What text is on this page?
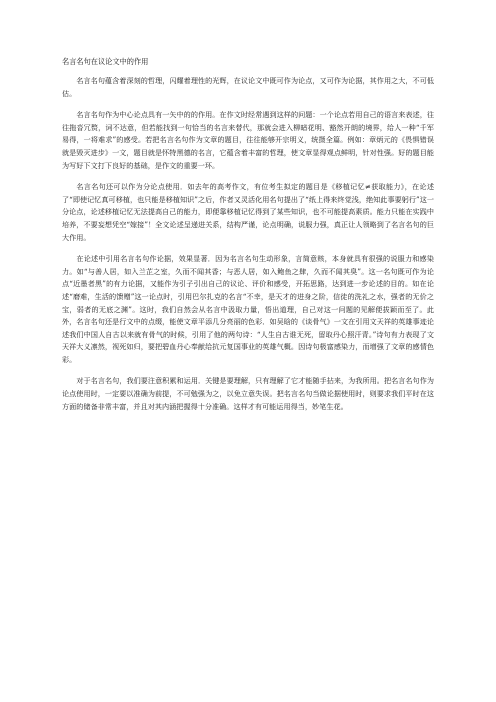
名言名句在议论文中的作用

名言名句蕴含着深刻的哲理，闪耀着理性的光辉，在议论文中既可作为论点，又可作为论据，其作用之大，不可低估。

名言名句作为中心论点具有一矢中的的作用。在作文时经常遇到这样的问题：一个论点若用自己的语言来表述，往往拖沓冗赘，词不达意，但若能找到一句恰当的名言来替代，那就会进入柳暗花明、豁然开朗的境界，给人一种“千军易得，一将难求”的感受。若把名言名句作为文章的题目，往往能够开宗明义，统摄全篇。例如：章炳元的《畏惧错误就是毁灭进步》一文，题目就是怀特黑德的名言，它蕴含着丰富的哲理，使文章显得观点鲜明，针对性强。好的题目能为写好下文打下良好的基础，是作文的重要一环。

名言名句还可以作为分论点使用．如去年的高考作文，有位考生拟定的题目是《移植记忆≠获取能力》，在论述了“即使记忆真可移植，也只能是移植知识”之后，作者又灵活化用名句提出了“纸上得来终觉浅，绝知此事要躬行”这一分论点，论述移植记忆无法提高自己的能力，即便靠移植记忆得到了某些知识，也不可能提高素质。能力只能在实践中培养，不要妄想凭空“嫁接”！全文论述呈递进关系，结构严谨，论点明确，说服力强，真正让人领略到了名言名句的巨大作用。

在论述中引用名言名句作论据，效果显著．因为名言名句生动形象，言简意赅，本身就具有很强的说服力和感染力。如“与善人居，如入兰芷之室，久而不闻其香；与恶人居，如入鲍鱼之肆，久而不闻其臭”。这一名句既可作为论点“近墨者黑”的有力论据，又能作为引子引出自己的议论、评价和感受，开拓思路，达到进一步论述的目的。如在论述“磨难，生活的馈赠”这一论点时，引用巴尔扎克的名言“不幸，是天才的进身之阶，信徒的洗礼之水，强者的无价之宝，弱者的无底之渊”。这时，我们自然会从名言中汲取力量，悟出道理，自己对这一问题的见解便拔颖而至了。此外，名言名句还是行文中的点缀，能使文章平添几分亮丽的色彩．如吴晗的《谈骨气》一文在引用文天祥的英雄事迹论述我们中国人自古以来就有骨气的时候，引用了他的两句诗：“人生自古谁无死，留取丹心照汗青。”诗句有力表现了文天祥大义凛然，视死如归，要把碧血丹心奉献给抗元复国事业的英雄气概。因诗句极富感染力，而增强了文章的感情色彩。

对于名言名句，我们要注意积累和运用．关键是要理解，只有理解了它才能随手拈来，为我所用。把名言名句作为论点使用时，一定要以准确为前提，不可勉强为之，以免立意失误。把名言名句当做论据使用时，则要求我们平时在这方面的储备非常丰富，并且对其内涵把握得十分准确。这样才有可能运用得当，妙笔生花。
